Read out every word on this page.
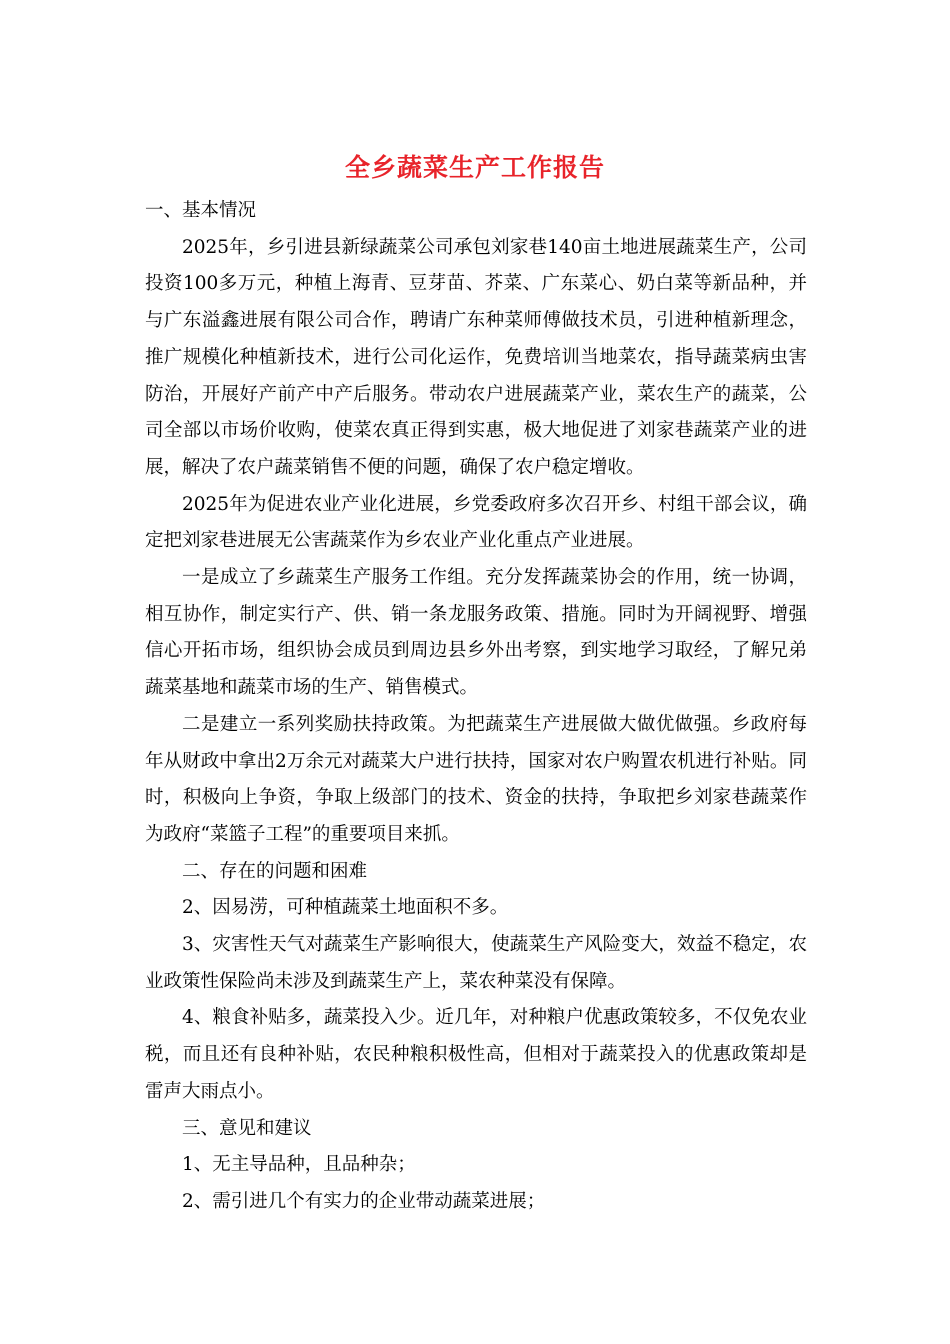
全乡蔬菜生产工作报告

一、基本情况

2025年，乡引进县新绿蔬菜公司承包刘家巷140亩土地进展蔬菜生产，公司投资100多万元，种植上海青、豆芽苗、芥菜、广东菜心、奶白菜等新品种，并与广东溢鑫进展有限公司合作，聘请广东种菜师傅做技术员，引进种植新理念，推广规模化种植新技术，进行公司化运作，免费培训当地菜农，指导蔬菜病虫害防治，开展好产前产中产后服务。带动农户进展蔬菜产业，菜农生产的蔬菜，公司全部以市场价收购，使菜农真正得到实惠，极大地促进了刘家巷蔬菜产业的进展，解决了农户蔬菜销售不便的问题，确保了农户稳定增收。

2025年为促进农业产业化进展，乡党委政府多次召开乡、村组干部会议，确定把刘家巷进展无公害蔬菜作为乡农业产业化重点产业进展。

一是成立了乡蔬菜生产服务工作组。充分发挥蔬菜协会的作用，统一协调，相互协作，制定实行产、供、销一条龙服务政策、措施。同时为开阔视野、增强信心开拓市场，组织协会成员到周边县乡外出考察，到实地学习取经，了解兄弟蔬菜基地和蔬菜市场的生产、销售模式。

二是建立一系列奖励扶持政策。为把蔬菜生产进展做大做优做强。乡政府每年从财政中拿出2万余元对蔬菜大户进行扶持，国家对农户购置农机进行补贴。同时，积极向上争资，争取上级部门的技术、资金的扶持，争取把乡刘家巷蔬菜作为政府“菜篮子工程”的重要项目来抓。

二、存在的问题和困难

2、因易涝，可种植蔬菜土地面积不多。

3、灾害性天气对蔬菜生产影响很大，使蔬菜生产风险变大，效益不稳定，农业政策性保险尚未涉及到蔬菜生产上，菜农种菜没有保障。

4、粮食补贴多，蔬菜投入少。近几年，对种粮户优惠政策较多，不仅免农业税，而且还有良种补贴，农民种粮积极性高，但相对于蔬菜投入的优惠政策却是雷声大雨点小。

三、意见和建议

1、无主导品种，且品种杂；

2、需引进几个有实力的企业带动蔬菜进展；
